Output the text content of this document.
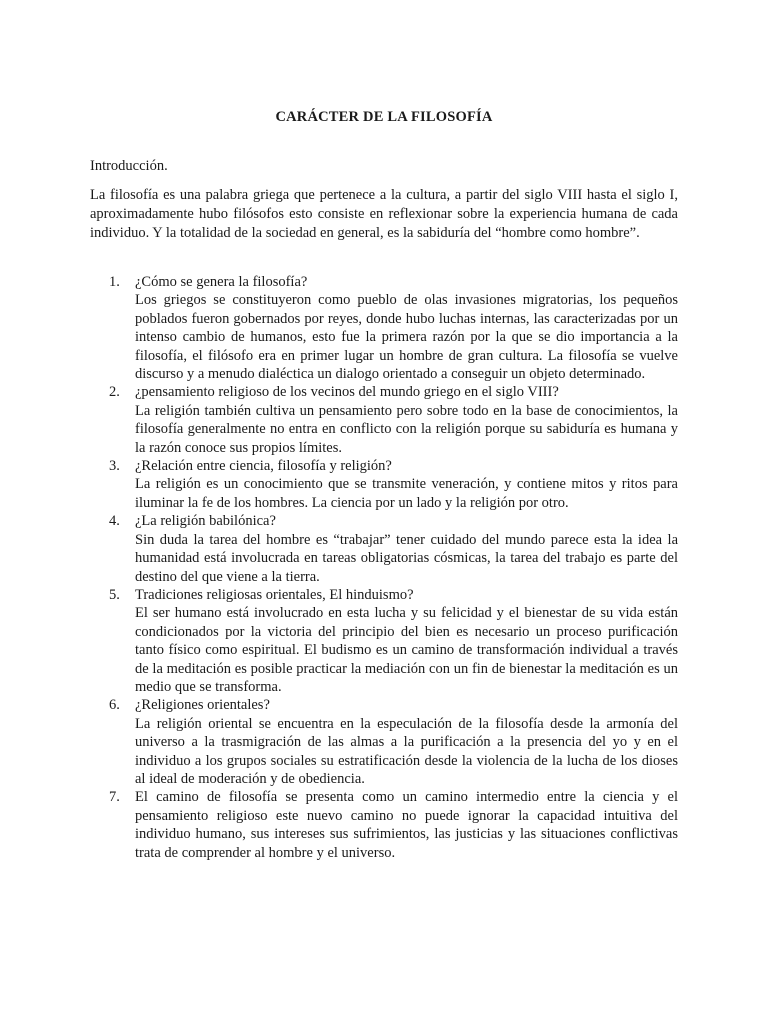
CARÁCTER DE LA FILOSOFÍA
Introducción.

La filosofía es una palabra griega que pertenece a la cultura, a partir del siglo VIII hasta el siglo I, aproximadamente hubo filósofos esto consiste en reflexionar sobre la experiencia humana de cada individuo. Y la totalidad de la sociedad en general, es la sabiduría del “hombre como hombre”.

1. ¿Cómo se genera la filosofía?
Los griegos se constituyeron como pueblo de olas invasiones migratorias, los pequeños poblados fueron gobernados por reyes, donde hubo luchas internas, las caracterizadas por un intenso cambio de humanos, esto fue la primera razón por la que se dio importancia a la filosofía, el filósofo era en primer lugar un hombre de gran cultura. La filosofía se vuelve discurso y a menudo dialéctica un dialogo orientado a conseguir un objeto determinado.
2. ¿pensamiento religioso de los vecinos del mundo griego en el siglo VIII?
La religión también cultiva un pensamiento pero sobre todo en la base de conocimientos, la filosofía generalmente no entra en conflicto con la religión porque su sabiduría es humana y la razón conoce sus propios límites.
3. ¿Relación entre ciencia, filosofía y religión?
La religión es un conocimiento que se transmite veneración, y contiene mitos y ritos para iluminar la fe de los hombres. La ciencia por un lado y la religión por otro.
4. ¿La religión babilónica?
Sin duda la tarea del hombre es “trabajar” tener cuidado del mundo parece esta la idea la humanidad está involucrada en tareas obligatorias cósmicas, la tarea del trabajo es parte del destino del que viene a la tierra.
5. Tradiciones religiosas orientales, El hinduismo?
El ser humano está involucrado en esta lucha y su felicidad y el bienestar de su vida están condicionados por la victoria del principio del bien es necesario un proceso purificación tanto físico como espiritual. El budismo es un camino de transformación individual a través de la meditación es posible practicar la mediación con un fin de bienestar la meditación es un medio que se transforma.
6. ¿Religiones orientales?
La religión oriental se encuentra en la especulación de la filosofía desde la armonía del universo a la trasmigración de las almas a la purificación a la presencia del yo y en el individuo a los grupos sociales su estratificación desde la violencia de la lucha de los dioses al ideal de moderación y de obediencia.
7. El camino de filosofía se presenta como un camino intermedio entre la ciencia y el pensamiento religioso este nuevo camino no puede ignorar la capacidad intuitiva del individuo humano, sus intereses sus sufrimientos, las justicias y las situaciones conflictivas trata de comprender al hombre y el universo.
